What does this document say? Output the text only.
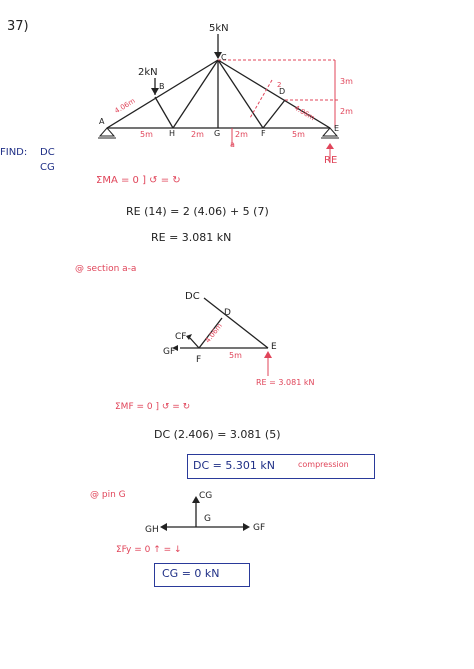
37)	5kN
2kN
C
B
A
D
E
H	G	F
4.06m
5m	2m	2m	5m
4.06m
2	3m
2m
a
RE
FIND: DC
CG
ΣMA = 0 ] ↺ = ↻
RE (14) = 2 (4.06) + 5 (7)
RE = 3.081 kN
@ section a-a
DC
D
CF
GF
F
E
4.06m
5m
RE = 3.081 kN
ΣMF = 0 ] ↺ = ↻
DC (2.406) = 3.081 (5)
DC = 5.301 kN	compression
@ pin G	CG
G
GH	GF
ΣFy = 0 ↑ = ↓
CG = 0 kN
